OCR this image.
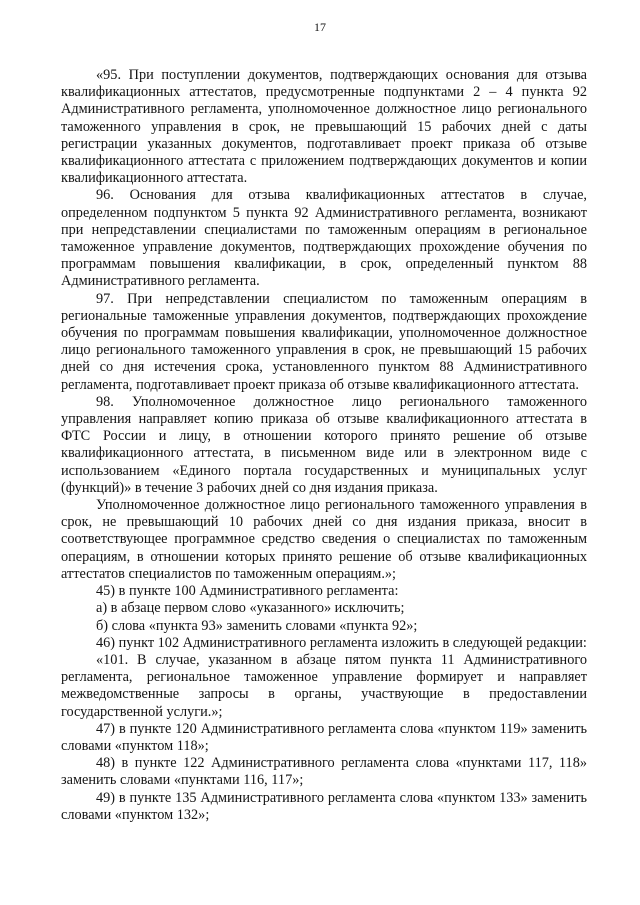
17

«95. При поступлении документов, подтверждающих основания для отзыва квалификационных аттестатов, предусмотренные подпунктами 2 – 4 пункта 92 Административного регламента, уполномоченное должностное лицо регионального таможенного управления в срок, не превышающий 15 рабочих дней с даты регистрации указанных документов, подготавливает проект приказа об отзыве квалификационного аттестата с приложением подтверждающих документов и копии квалификационного аттестата.

96. Основания для отзыва квалификационных аттестатов в случае, определенном подпунктом 5 пункта 92 Административного регламента, возникают при непредставлении специалистами по таможенным операциям в региональное таможенное управление документов, подтверждающих прохождение обучения по программам повышения квалификации, в срок, определенный пунктом 88 Административного регламента.

97. При непредставлении специалистом по таможенным операциям в региональные таможенные управления документов, подтверждающих прохождение обучения по программам повышения квалификации, уполномоченное должностное лицо регионального таможенного управления в срок, не превышающий 15 рабочих дней со дня истечения срока, установленного пунктом 88 Административного регламента, подготавливает проект приказа об отзыве квалификационного аттестата.

98. Уполномоченное должностное лицо регионального таможенного управления направляет копию приказа об отзыве квалификационного аттестата в ФТС России и лицу, в отношении которого принято решение об отзыве квалификационного аттестата, в письменном виде или в электронном виде с использованием «Единого портала государственных и муниципальных услуг (функций)» в течение 3 рабочих дней со дня издания приказа.

Уполномоченное должностное лицо регионального таможенного управления в срок, не превышающий 10 рабочих дней со дня издания приказа, вносит в соответствующее программное средство сведения о специалистах по таможенным операциям, в отношении которых принято решение об отзыве квалификационных аттестатов специалистов по таможенным операциям.»;

45) в пункте 100 Административного регламента:

а) в абзаце первом слово «указанного» исключить;

б) слова «пункта 93» заменить словами «пункта 92»;

46) пункт 102 Административного регламента изложить в следующей редакции:

«101. В случае, указанном в абзаце пятом пункта 11 Административного регламента, региональное таможенное управление формирует и направляет межведомственные запросы в органы, участвующие в предоставлении государственной услуги.»;

47) в пункте 120 Административного регламента слова «пунктом 119» заменить словами «пунктом 118»;

48) в пункте 122 Административного регламента слова «пунктами 117, 118» заменить словами «пунктами 116, 117»;

49) в пункте 135 Административного регламента слова «пунктом 133» заменить словами «пунктом 132»;
